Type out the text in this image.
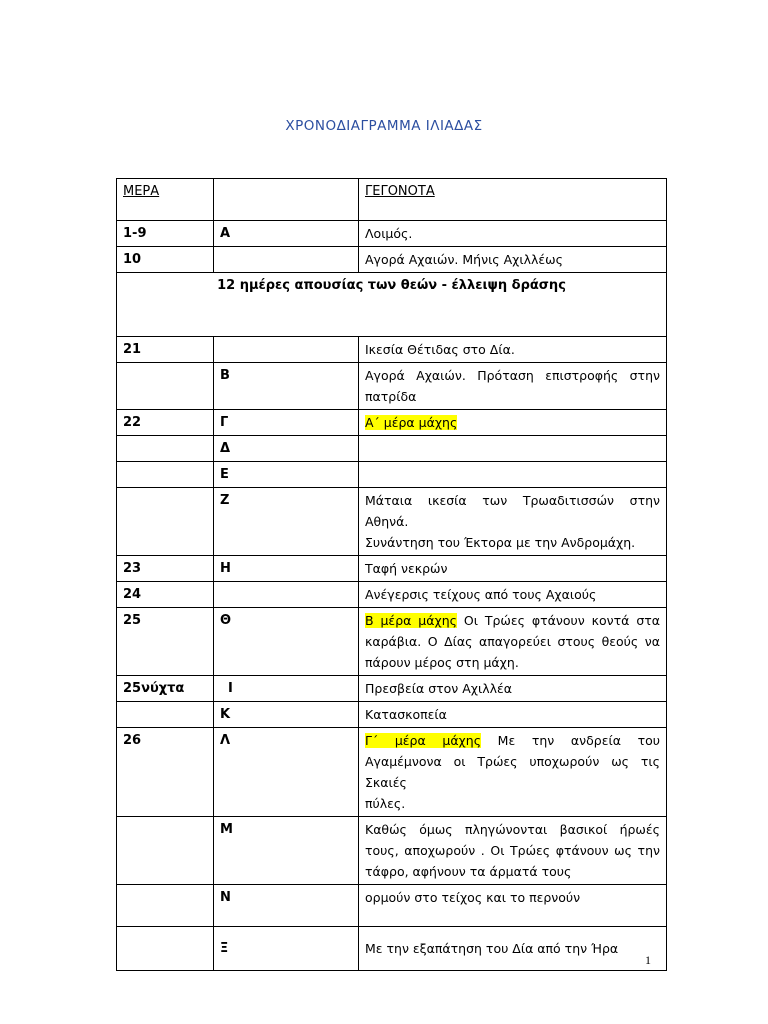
ΧΡΟΝΟΔΙΑΓΡΑΜΜΑ ΙΛΙΑΔΑΣ
ΜΕΡΑ		ΓΕΓΟΝΟΤΑ
1-9	Α	Λοιμός.
10		Αγορά Αχαιών. Μήνις Αχιλλέως
12 ημέρες απουσίας των θεών - έλλειψη δράσης		
21		Ικεσία Θέτιδας στο Δία.
	Β	Αγορά Αχαιών. Πρόταση επιστροφής στην πατρίδα
22	Γ	Α΄ μέρα μάχης
	Δ	
	Ε	
	Ζ	Μάταια ικεσία των Τρωαδιτισσών στην Αθηνά.
Συνάντηση του Έκτορα με την Ανδρομάχη.

23	Η	Ταφή νεκρών
24		Ανέγερσις τείχους από τους Αχαιούς
25	Θ	Β μέρα μάχης Οι Τρώες φτάνουν κοντά στα καράβια. Ο Δίας απαγορεύει στους θεούς να πάρουν μέρος στη μάχη.
25νύχτα	Ι	Πρεσβεία στον Αχιλλέα
	Κ	Κατασκοπεία
26	Λ	Γ΄ μέρα μάχης Με την ανδρεία του Αγαμέμνονα οι Τρώες υποχωρούν ως τις Σκαιές
πύλες.

	Μ	Καθώς όμως πληγώνονται βασικοί ήρωές τους, αποχωρούν . Οι Τρώες φτάνουν ως την τάφρο, αφήνουν τα άρματά τους
	Ν	ορμούν στο τείχος και το περνούν
	Ξ	Με την εξαπάτηση του Δία από την Ήρα
1
